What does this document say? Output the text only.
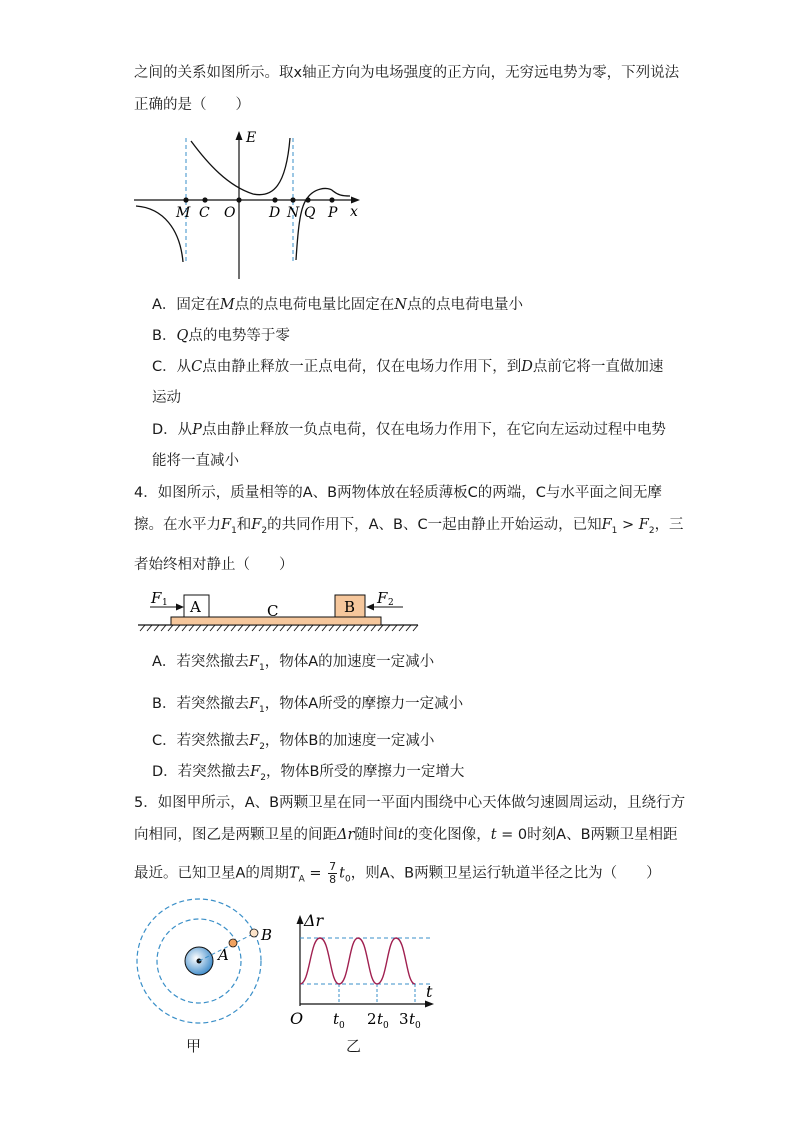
之间的关系如图所示。取x轴正方向为电场强度的正方向，无穷远电势为零，下列说法
正确的是（　　）
E
x
M C O D N Q P
A．固定在M点的点电荷电量比固定在N点的点电荷电量小
B．Q点的电势等于零
C．从C点由静止释放一正点电荷，仅在电场力作用下，到D点前它将一直做加速
运动
D．从P点由静止释放一负点电荷，仅在电场力作用下，在它向左运动过程中电势
能将一直减小
4．如图所示，质量相等的A、B两物体放在轻质薄板C的两端，C与水平面之间无摩
擦。在水平力$F_1$和$F_2$的共同作用下，A、B、C一起由静止开始运动，已知$F_1 > F_2$，三
者始终相对静止（　　）
F 1 A	C	B F 2
A．若突然撤去$F_1$，物体A的加速度一定减小
B．若突然撤去$F_1$，物体A所受的摩擦力一定减小
C．若突然撤去$F_2$，物体B的加速度一定减小
D．若突然撤去$F_2$，物体B所受的摩擦力一定增大
5．如图甲所示，A、B两颗卫星在同一平面内围绕中心天体做匀速圆周运动，且绕行方
向相同，图乙是两颗卫星的间距Δr随时间t的变化图像，t = 0时刻A、B两颗卫星相距
最近。已知卫星A的周期$T_A = \frac{7}{8} t_0$，则A、B两颗卫星运行轨道半径之比为（　　）
A
B
甲
Δr
t
O t 0 2 t 0 3 t 0
乙
